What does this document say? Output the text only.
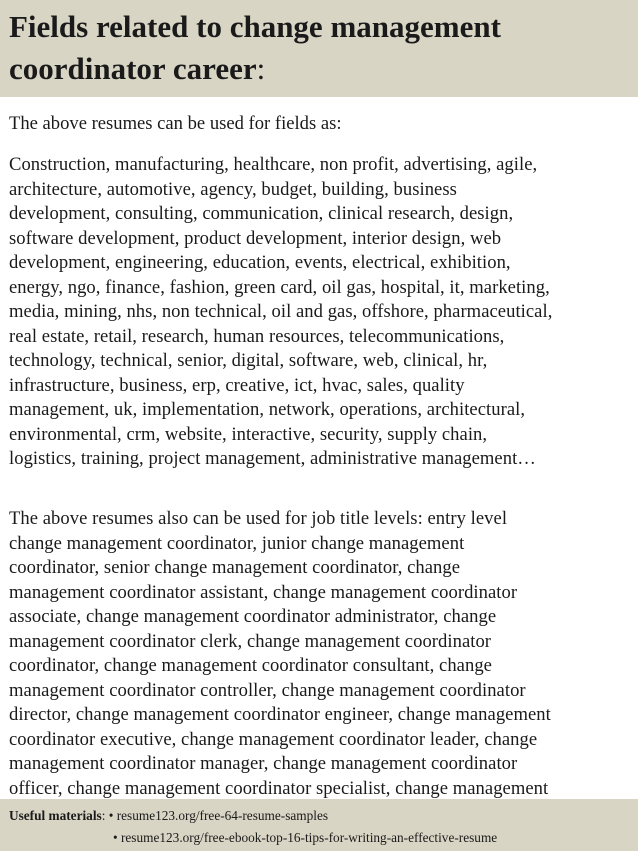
Fields related to change management coordinator career:

The above resumes can be used for fields as:

Construction, manufacturing, healthcare, non profit, advertising, agile,
architecture, automotive, agency, budget, building, business
development, consulting, communication, clinical research, design,
software development, product development, interior design, web
development, engineering, education, events, electrical, exhibition,
energy, ngo, finance, fashion, green card, oil gas, hospital, it, marketing,
media, mining, nhs, non technical, oil and gas, offshore, pharmaceutical,
real estate, retail, research, human resources, telecommunications,
technology, technical, senior, digital, software, web, clinical, hr,
infrastructure, business, erp, creative, ict, hvac, sales, quality
management, uk, implementation, network, operations, architectural,
environmental, crm, website, interactive, security, supply chain,
logistics, training, project management, administrative management…

The above resumes also can be used for job title levels: entry level
change management coordinator, junior change management
coordinator, senior change management coordinator, change
management coordinator assistant, change management coordinator
associate, change management coordinator administrator, change
management coordinator clerk, change management coordinator
coordinator, change management coordinator consultant, change
management coordinator controller, change management coordinator
director, change management coordinator engineer, change management
coordinator executive, change management coordinator leader, change
management coordinator manager, change management coordinator
officer, change management coordinator specialist, change management

Useful materials: • resume123.org/free-64-resume-samples
• resume123.org/free-ebook-top-16-tips-for-writing-an-effective-resume
